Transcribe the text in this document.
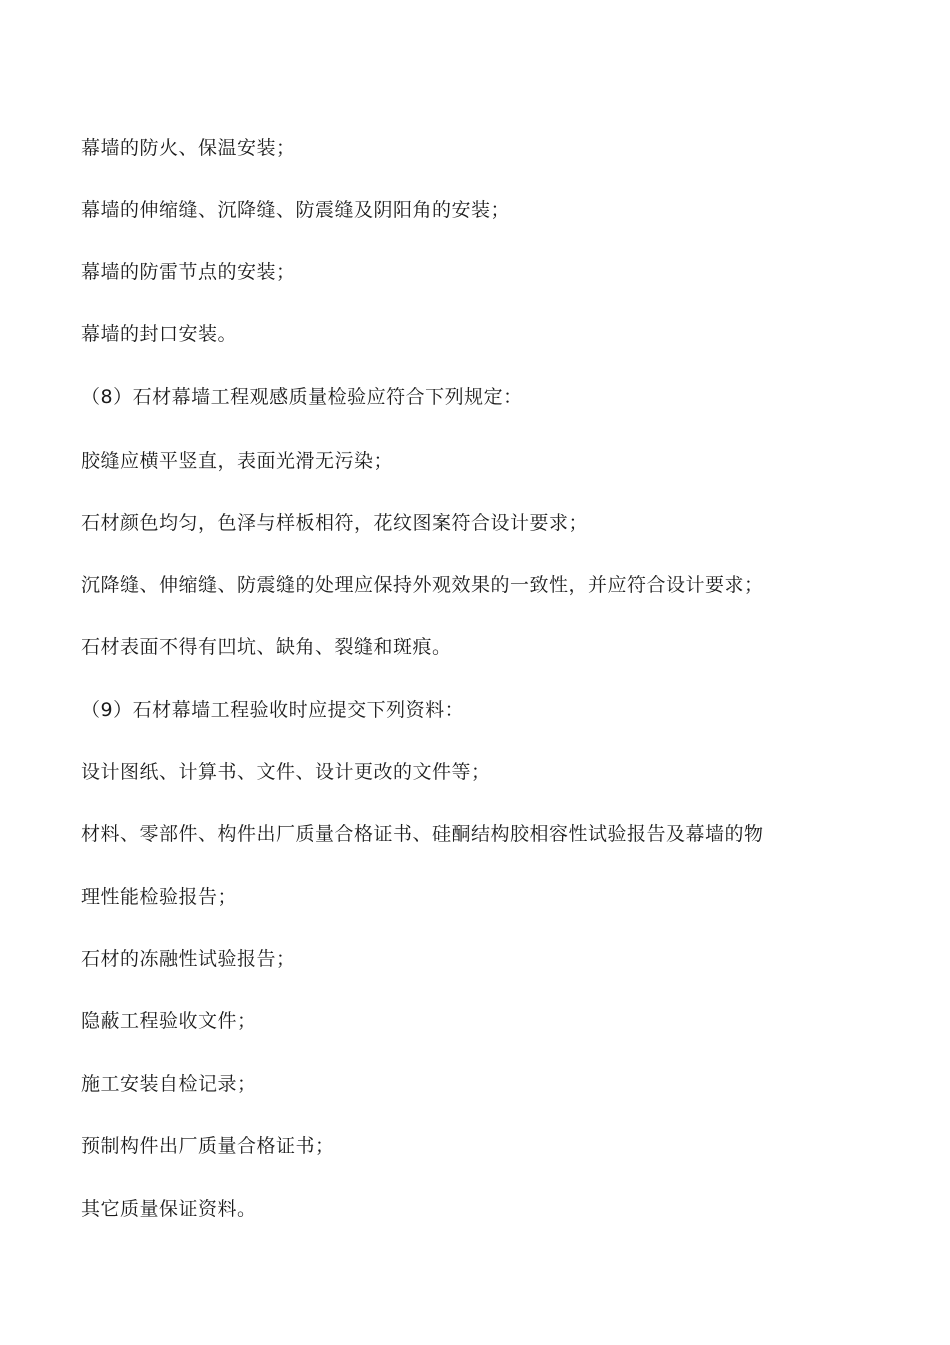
幕墙的防火、保温安装；
幕墙的伸缩缝、沉降缝、防震缝及阴阳角的安装；
幕墙的防雷节点的安装；
幕墙的封口安装。
（8）石材幕墙工程观感质量检验应符合下列规定：
胶缝应横平竖直，表面光滑无污染；
石材颜色均匀，色泽与样板相符，花纹图案符合设计要求；
沉降缝、伸缩缝、防震缝的处理应保持外观效果的一致性，并应符合设计要求；
石材表面不得有凹坑、缺角、裂缝和斑痕。
（9）石材幕墙工程验收时应提交下列资料：
设计图纸、计算书、文件、设计更改的文件等；
材料、零部件、构件出厂质量合格证书、硅酮结构胶相容性试验报告及幕墙的物
理性能检验报告；
石材的冻融性试验报告；
隐蔽工程验收文件；
施工安装自检记录；
预制构件出厂质量合格证书；
其它质量保证资料。
